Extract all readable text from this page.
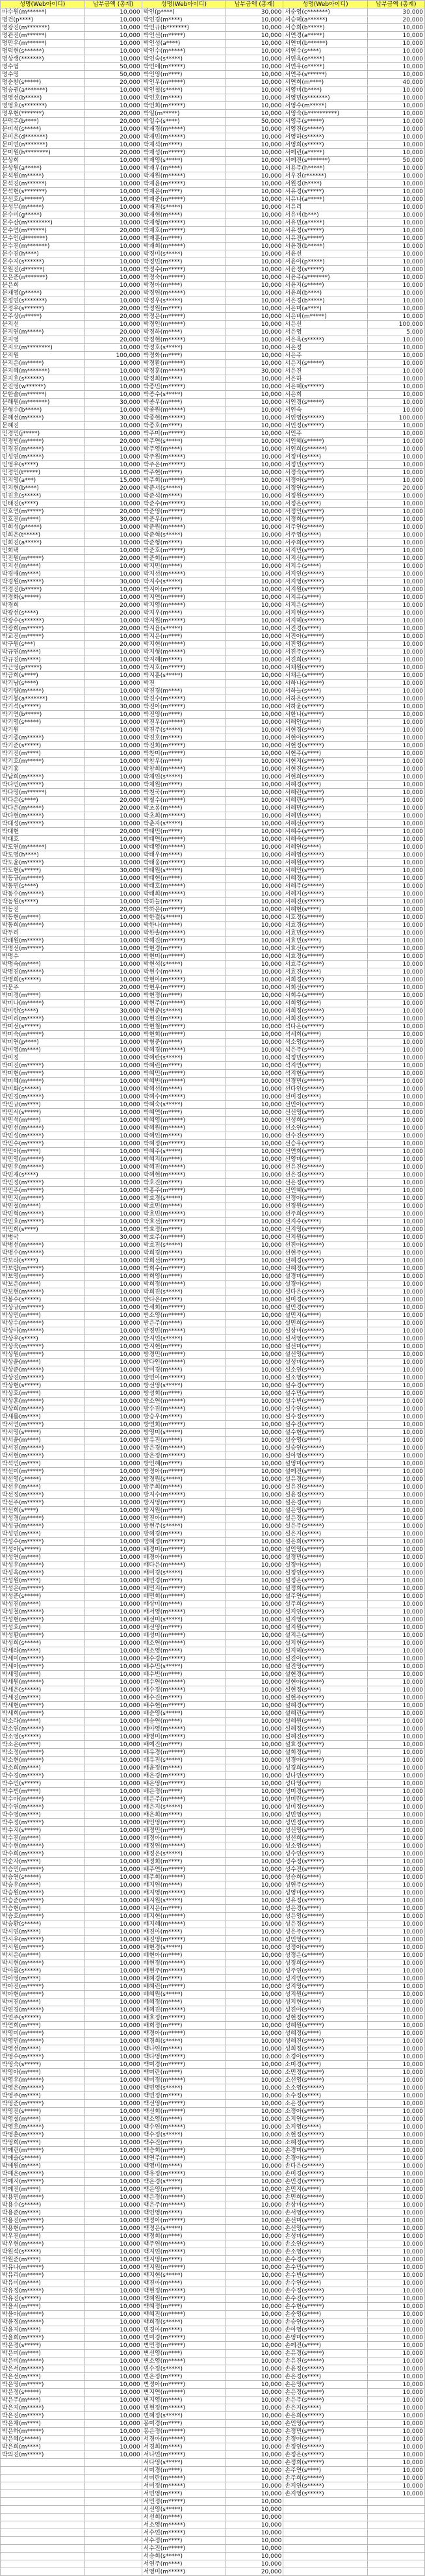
성명(Web아이디)	납부금액 (총계)	성명(Web아이디)	납부금액 (총계)	성명(Web아이디)	납부금액 (총계)
마수원(m******)	10,000	박인(p****)	30,000	서순영(c*******)	30,000
명건(p****)	10,000	박인경(m****)	10,000	서승혜(a******)	20,000
명광진(m*******)	10,000	박인규(b*******)	10,000	서승희(b*****)	10,000
명관진(m******)	10,000	박인선(m*****)	10,000	서연경(a*****)	10,000
명만우(m******)	10,000	박인성(a****)	10,000	서연미(b******)	10,000
명덕현(s******)	10,000	박인수(m*****)	10,000	서연수(s****)	10,000
명상생(*******)	10,000	박인숙(s*****)	10,000	서연옥(o*****)	10,000
명수엽	50,000	박인애(m*****)	10,000	서연우(o*****)	10,000
명수영	50,000	박인영(m****)	10,000	서연주(s******)	10,000
명순찬(s*****)	20,000	박인우(m*****)	10,000	서연희(m****)	40,000
명승권(a*******)	10,000	박인철(s*****)	10,000	서영미(b****)	10,000
명영선(b*****)	10,000	박인호(m****)	10,000	서영민(s*******)	10,000
명영호(s*******)	10,000	박인희(m*****)	10,000	서영수(m*****)	10,000
명우현(*******)	20,000	박일(m*****)	10,000	서영숙(b**********)	10,000
문덕주(b****)	20,000	박일수(s****)	50,000	서영주(s*****)	10,000
문미석(s*****)	10,000	박재경(m*****)	10,000	서영진(s*****)	10,000
문미은(d*******)	20,000	박재민(m*****)	10,000	서영하(s*****)	10,000
문미연(n*******)	10,000	박재석(m****)	10,000	서영희(s*****)	10,000
문미원(h********)	20,000	박재성(m*****)	10,000	서예린(a*****)	10,000
문상희	10,000	박재영(s*****)	10,000	서예진(s*******)	50,000
문상원(a*****)	10,000	박재우(m****)	10,000	서용주(h*****)	10,000
문석원(m*****)	10,000	박재원(m*****)	10,000	서우진(r******)	10,000
문석진(m******)	10,000	박재윤(m*****)	10,000	서원경(h****)	10,000
문석현(s*******)	10,000	박재은(m****)	10,000	서유경(s*****)	10,000
문선호(s******)	10,000	박재준(m*****)	10,000	서유나(a*****)	10,000
문성무(m*****)	10,000	박재진(s*****)	10,000	서유리	10,000
문수미(g*****)	30,000	박재현(m****)	10,000	서유미(b***)	10,000
문수산(m********)	10,000	박재형(m*****)	10,000	서유빈(a*****)	10,000
문수연(m******)	20,000	박재호(m*****)	10,000	서유정(s*****)	10,000
문수인(d*******)	10,000	박재훈(m****)	10,000	서유진(s*****)	10,000
문수진(m*******)	10,000	박재희(m*****)	10,000	서윤경(b*****)	10,000
문수진(h****)	10,000	박정미(s*****)	10,000	서윤선	10,000
문수지(s******)	10,000	박정민(m****)	10,000	서윤아(p*****)	10,000
문원진(d******)	10,000	박정수(m*****)	10,000	서윤정(s*****)	10,000
문은준(n*******)	10,000	박정숙(m*****)	10,000	서윤주(s*******)	10,000
문은희	10,000	박정아(m****)	10,000	서윤지(s*****)	10,000
문재영(p*****)	20,000	박정연(m*****)	10,000	서윤희(b****)	10,000
문정연(s*******)	10,000	박정우(s*****)	10,000	서은경(b*****)	10,000
문정우(s******)	20,000	박정원(m****)	10,000	서은미(a****)	10,000
문주상(n*****)	20,000	박정은(m*****)	10,000	서은비(m*****)	10,000
문지선	10,000	박정인(m*****)	10,000	서은선	100,000
문지연(m*****)	20,000	박정하(m****)	10,000	서은영	5,000
문지영	20,000	박정현(m*****)	10,000	서은옥(s*****)	10,000
문지오(m********)	10,000	박정호(s*****)	10,000	서은정	10,000
문지원	100,000	박정화(m****)	10,000	서은주	10,000
문지은(m*****)	10,000	박정환(m*****)	10,000	서은지(s*****)	10,000
문지혜(m*******)	10,000	박정훈(m*****)	30,000	서은진	10,000
문지호(s******)	10,000	박정희(m****)	10,000	서은하	10,000
문진영(w******)	10,000	박종민(m*****)	10,000	서은혜(s*****)	10,000
문한솔(m******)	10,000	박종수(s*****)	10,000	서은희	10,000
문해원(m*******)	30,000	박종우(m****)	10,000	서인경(s*****)	10,000
문형수(b*****)	10,000	박종원(m*****)	10,000	서인숙	10,000
문혜선(m*****)	30,000	박종현(m*****)	10,000	서인영(s*****)	100,000
문혜진	10,000	박종호(m****)	10,000	서인정(s*****)	10,000
민경민(j*****)	10,000	박주미(m*****)	10,000	서인주	10,000
민경빈(m*****)	20,000	박주연(s*****)	10,000	서인혜(s*****)	10,000
민경진(m*****)	10,000	박주영(m****)	10,000	서인희(s******)	10,000
민성연(m*****)	10,000	박주원(m*****)	10,000	서정미(s****)	10,000
민영우(s****)	10,000	박주은(m*****)	10,000	서정민(s*****)	10,000
민정인(t*****)	10,000	박주현(m****)	10,000	서정숙(s*****)	10,000
민지영(a***)	15,000	박주희(m*****)	10,000	서정아(s*****)	10,000
민지현(b****)	20,000	박준서(s*****)	10,000	서정연(s*****)	20,000
민진호(s*****)	10,000	박준석(m****)	10,000	서정원(s*****)	10,000
민태진(s****)	10,000	박준수(m*****)	10,000	서정은(s****)	10,000
민호연(m*****)	20,000	박준영(m*****)	10,000	서정인(s*****)	10,000
민호진(m****)	30,000	박준우(m****)	10,000	서정희(s*****)	10,000
민희성(p*****)	10,000	박준원(m*****)	10,000	서주연(s*****)	10,000
민희은(t*****)	10,000	박준혁(s*****)	10,000	서주영(s****)	10,000
민희진(a*****)	10,000	박준형(m****)	10,000	서주희(s*****)	10,000
민희택	10,000	박준호(m*****)	10,000	서지민(s*****)	10,000
민진원(m*****)	20,000	박준희(m*****)	10,000	서지선(s*****)	10,000
민지선(m****)	10,000	박지민(m****)	10,000	서지수(s****)	10,000
박경애(m****)	10,000	박지선(m*****)	10,000	서지연(s*****)	10,000
박경원(m*****)	30,000	박지수(s*****)	10,000	서지영(s*****)	10,000
박경진(b*****)	10,000	박지아(m****)	10,000	서지원(s*****)	10,000
박경화(s*****)	10,000	박지연(m*****)	10,000	서지유(s****)	10,000
박경희	20,000	박지영(m*****)	10,000	서지은(s*****)	10,000
박광선(s****)	20,000	박지우(m****)	10,000	서지현(s*****)	10,000
박광수(s******)	10,000	박지원(m*****)	10,000	서지혜(s*****)	10,000
박광희(m*****)	20,000	박지윤(s*****)	10,000	서진경(s****)	10,000
박교진(m*****)	10,000	박지은(m****)	10,000	서진아(s*****)	10,000
박구원(s***)	20,000	박지현(m*****)	10,000	서진영(s*****)	10,000
박규연(m****)	10,000	박지형(m*****)	10,000	서진주(s*****)	10,000
박규진(m****)	10,000	박지혜(m****)	10,000	서진희(s****)	10,000
박근영(p*****)	10,000	박지호(m*****)	10,000	서채원(s*****)	10,000
박금희(s****)	10,000	박지훈(s*****)	10,000	서채은(s*****)	10,000
박기남(s****)	10,000	박진	10,000	서하나(s*****)	10,000
박기량(m*****)	10,000	박진경(m****)	10,000	서하늘(s****)	10,000
박기봉(a*******)	10,000	박진수(m*****)	10,000	서하은(s*****)	10,000
박기석(s*****)	30,000	박진아(m*****)	10,000	서하윤(s*****)	10,000
박기연(b*****)	10,000	박진영(m****)	10,000	서한나(s*****)	10,000
박기영(s*****)	10,000	박진우(m*****)	10,000	서해인(s****)	10,000
박기원	10,000	박진주(s*****)	10,000	서현경(s*****)	10,000
박기종(m*****)	10,000	박진호(m****)	10,000	서현아(s*****)	10,000
박기준(s*****)	10,000	박진희(m*****)	10,000	서현정(s*****)	10,000
박기진(m****)	10,000	박찬미(m*****)	10,000	서현주(s****)	10,000
박기호(m*****)	10,000	박찬우(m****)	10,000	서현지(s*****)	10,000
박기홍	10,000	박찬희(m*****)	10,000	서현진(s*****)	10,000
박남희(m*****)	10,000	박채연(s*****)	10,000	서현희(s*****)	10,000
박다민(m*****)	10,000	박채원(m****)	10,000	서혜경(s****)	10,000
박다영(m******)	10,000	박천국(m*****)	10,000	서혜란(s*****)	10,000
박다은(s****)	20,000	박철수(m*****)	10,000	서혜린(s*****)	10,000
박다은(m*****)	20,000	박초롱(m****)	10,000	서혜민(s*****)	10,000
박다현(m*****)	10,000	박초희(m*****)	10,000	서혜빈(s****)	10,000
박대성(m*****)	10,000	박춘자(s*****)	10,000	서혜선(s*****)	10,000
박대현	20,000	박태민(m****)	10,000	서혜수(s*****)	10,000
박대호	10,000	박태연(m*****)	10,000	서혜숙(s*****)	10,000
박도연(m******)	10,000	박태영(m*****)	10,000	서혜연(s****)	10,000
박도영(h****)	10,000	박태우(m****)	10,000	서혜영(s*****)	10,000
박도윤(m*****)	10,000	박태웅(m*****)	10,000	서혜원(s*****)	10,000
박도현(s*****)	30,000	박태원(s*****)	10,000	서혜인(s*****)	10,000
박동규(m*****)	10,000	박태현(m****)	10,000	서혜정(s****)	10,000
박동민(s****)	10,000	박태호(m*****)	10,000	서혜주(s*****)	10,000
박동수(m*****)	10,000	박태희(m*****)	10,000	서혜지(s*****)	10,000
박동원(s****)	10,000	박하늘(m****)	10,000	서혜진(s*****)	10,000
박동진	20,000	박하은(m*****)	10,000	서혜현(s****)	10,000
박동현(m****)	10,000	박한결(s*****)	10,000	서호정(s*****)	10,000
박동희(m*****)	10,000	박한나(m****)	10,000	서효경(s*****)	10,000
박두리	10,000	박한솔(m*****)	10,000	서효민(s*****)	10,000
박래원(m*****)	10,000	박해진(m*****)	10,000	서효빈(s****)	10,000
박명선(m*****)	10,000	박현경(m****)	10,000	서효선(s*****)	10,000
박명수	10,000	박현미(m*****)	10,000	서효정(s*****)	10,000
박명숙(m****)	10,000	박현석(s*****)	10,000	서효주(s*****)	10,000
박명진(m*****)	10,000	박현수(m****)	10,000	서효진(s****)	10,000
박명희(s*****)	10,000	박현아(m*****)	10,000	서희경(s*****)	10,000
박문주	20,000	박현우(m*****)	10,000	서희선(s*****)	10,000
박미경(m****)	10,000	박현정(m****)	10,000	서희수(s*****)	10,000
박미나(m*****)	10,000	박현주(m*****)	10,000	서희영(s****)	10,000
박미란(s****)	30,000	박현준(s*****)	10,000	서희정(s*****)	10,000
박미리(m*****)	10,000	박현진(m****)	10,000	서희진(s*****)	10,000
박미선(s*****)	10,000	박현철(m*****)	10,000	석다은(s*****)	10,000
박미숙(m*****)	10,000	박현희(m*****)	10,000	석세희(s****)	10,000
박미연(p****)	10,000	박형준(m****)	10,000	석소영(s*****)	10,000
박미영(m****)	10,000	박혜경(m*****)	10,000	석은주(s*****)	10,000
박미정	10,000	박혜란(s*****)	10,000	석정민(s*****)	10,000
박미진(m*****)	10,000	박혜린(m****)	10,000	석지연(s****)	10,000
박미현(m*****)	10,000	박혜민(m*****)	10,000	석지현(s*****)	10,000
박미혜(m*****)	10,000	박혜빈(m*****)	10,000	선경민(s*****)	10,000
박미화(s*****)	10,000	박혜선(m****)	10,000	선다인(s*****)	10,000
박민경(m*****)	10,000	박혜수(m*****)	10,000	선미경(s****)	10,000
박민규(m****)	10,000	박혜숙(s*****)	10,000	선민아(s*****)	10,000
박민서(s*****)	10,000	박혜연(m****)	10,000	선선영(s*****)	10,000
박민석(m****)	10,000	박혜영(m*****)	10,000	선성희(s*****)	10,000
박민선(m*****)	10,000	박혜원(m*****)	10,000	선소연(s****)	10,000
박민성(m*****)	10,000	박혜인(m****)	10,000	선수진(s*****)	10,000
박민수(m*****)	10,000	박혜정(m*****)	10,000	선승우(s*****)	10,000
박민아(m****)	10,000	박혜주(s*****)	10,000	선연희(s*****)	10,000
박민영(m*****)	10,000	박혜지(m****)	10,000	선영미(s****)	10,000
박민우(m*****)	10,000	박혜진(m*****)	10,000	선유진(s*****)	10,000
박민재(s****)	10,000	박혜현(m*****)	10,000	선은경(s*****)	10,000
박민정(m*****)	10,000	박호진(m****)	10,000	선은정(s*****)	10,000
박민주(m*****)	10,000	박홍주(m*****)	10,000	선인혜(s****)	10,000
박민지(m*****)	10,000	박효경(s*****)	10,000	선정아(s*****)	10,000
박민철(m****)	10,000	박효민(m****)	10,000	선정원(s*****)	10,000
박민혁(m*****)	10,000	박효빈(m*****)	10,000	선주희(s*****)	10,000
박민호(m*****)	10,000	박효선(m*****)	10,000	선지수(s****)	10,000
박민희(s****)	10,000	박효정(m****)	10,000	선지영(s*****)	10,000
박병국	30,000	박효주(m*****)	10,000	선지원(s*****)	10,000
박병선(m*****)	10,000	박효진(s*****)	10,000	선진아(s*****)	10,000
박병수(m*****)	10,000	박희경(m****)	10,000	선현주(s****)	10,000
박보라(s****)	10,000	박희선(m*****)	10,000	선혜경(s*****)	10,000
박보람(m*****)	10,000	박희수(m*****)	10,000	선혜정(s*****)	10,000
박보영(m*****)	10,000	박희영(m****)	10,000	설경미(s*****)	10,000
박보은(m****)	10,000	박희정(m*****)	10,000	설경아(s****)	10,000
박보현(m*****)	10,000	박희진(s*****)	10,000	설다은(s*****)	10,000
박봉수(s*****)	10,000	반다은(m****)	10,000	설미경(s*****)	10,000
박상규(m*****)	10,000	반세희(m*****)	10,000	설민경(s*****)	10,000
박상민(m****)	10,000	반소영(m*****)	10,000	설민지(s****)	10,000
박상수(m*****)	10,000	반은주(m****)	10,000	설민희(s*****)	10,000
박상아(m*****)	10,000	반정민(m*****)	10,000	설상미(s*****)	10,000
박상우(s****)	20,000	반지연(s*****)	10,000	설서영(s*****)	10,000
박상욱(m*****)	10,000	반지현(m****)	10,000	설선미(s****)	10,000
박상원(m*****)	10,000	방경민(m*****)	10,000	설선영(s*****)	10,000
박상윤(m****)	10,000	방다인(m*****)	10,000	설성미(s*****)	10,000
박상준(m*****)	10,000	방미경(m****)	10,000	설소연(s*****)	10,000
박상진(m*****)	10,000	방민아(m*****)	10,000	설소영(s****)	10,000
박상현(s*****)	10,000	방선영(s*****)	10,000	설수경(s*****)	10,000
박상호(m****)	10,000	방성희(m****)	10,000	설수민(s*****)	10,000
박상훈(m*****)	10,000	방소연(m*****)	10,000	설수빈(s*****)	10,000
박상희(m*****)	10,000	방수진(m*****)	10,000	설수연(s****)	10,000
박새롬(m****)	10,000	방승우(m****)	10,000	설수정(s*****)	10,000
박서연(m*****)	10,000	방연희(m*****)	10,000	설수진(s*****)	10,000
박서영(s*****)	20,000	방영미(s*****)	10,000	설수현(s*****)	10,000
박서윤(m****)	10,000	방유진(m****)	10,000	설순영(s****)	10,000
박서진(m*****)	10,000	방은경(m*****)	10,000	설승연(s*****)	10,000
박서현(m*****)	10,000	방은정(m*****)	10,000	설아영(s*****)	10,000
박석민(m****)	10,000	방인혜(m****)	10,000	설영미(s*****)	10,000
박선미(m*****)	10,000	방정아(m*****)	10,000	설예진(s****)	10,000
박선영(s*****)	20,000	방정원(s*****)	10,000	설유경(s*****)	10,000
박선우(m****)	10,000	방주희(m****)	10,000	설유진(s*****)	10,000
박선정(m*****)	10,000	방지수(m*****)	10,000	설윤정(s*****)	10,000
박선주(m*****)	10,000	방지영(m*****)	10,000	설은경(s****)	10,000
박선희(s****)	10,000	방지원(m****)	10,000	설은영(s*****)	10,000
박성경(m*****)	10,000	방진아(m*****)	10,000	설은정(s*****)	10,000
박성규(m*****)	10,000	방현주(s*****)	10,000	설은주(s*****)	10,000
박성민(m****)	10,000	방혜경(m****)	10,000	설은지(s****)	10,000
박성수(m*****)	10,000	방혜정(m*****)	10,000	설은희(s*****)	10,000
박성아(s*****)	10,000	배경미(m*****)	10,000	설인영(s*****)	10,000
박성연(m****)	10,000	배경아(m****)	10,000	설정민(s*****)	10,000
박성우(m*****)	10,000	배다은(m*****)	10,000	설정아(s****)	10,000
박성욱(m*****)	10,000	배미경(s*****)	10,000	설정연(s*****)	10,000
박성원(m****)	10,000	배민경(m****)	10,000	설정은(s*****)	10,000
박성은(m*****)	10,000	배민지(m*****)	10,000	설정희(s*****)	10,000
박성준(s*****)	10,000	배민희(m*****)	10,000	설주연(s****)	10,000
박성진(m****)	10,000	배상미(m****)	10,000	설주희(s*****)	10,000
박성철(m*****)	10,000	배서영(m*****)	10,000	설지연(s*****)	10,000
박성현(m*****)	10,000	배선미(s*****)	10,000	설지영(s*****)	10,000
박성호(m****)	10,000	배선영(m****)	10,000	설지원(s****)	10,000
박성환(m*****)	10,000	배성미(m*****)	10,000	설지은(s*****)	10,000
박성희(s*****)	10,000	배소연(m*****)	10,000	설지현(s*****)	10,000
박세라(m****)	10,000	배소영(m****)	10,000	설지혜(s*****)	10,000
박세미(m*****)	10,000	배수경(m*****)	10,000	설진아(s****)	10,000
박세아(m*****)	10,000	배수민(s*****)	10,000	설진영(s*****)	10,000
박세영(m****)	10,000	배수빈(m****)	10,000	설현경(s*****)	10,000
박세원(m*****)	10,000	배수연(m*****)	10,000	설현아(s*****)	10,000
박세은(s*****)	10,000	배수정(m*****)	10,000	설현정(s****)	10,000
박세진(m****)	10,000	배수진(m****)	10,000	설현주(s*****)	10,000
박세현(m*****)	10,000	배수현(m*****)	10,000	설혜경(s*****)	10,000
박세희(m*****)	10,000	배순영(s*****)	10,000	설혜린(s*****)	10,000
박소라(m****)	10,000	배승연(m****)	10,000	설혜원(s****)	10,000
박소연(m*****)	10,000	배아영(m*****)	10,000	설혜정(s*****)	10,000
박소영(s*****)	10,000	배영미(m*****)	10,000	설혜진(s*****)	10,000
박소은(m****)	10,000	배예진(m****)	10,000	설효정(s*****)	10,000
박소정(m*****)	10,000	배유경(m*****)	10,000	설희정(s****)	10,000
박소현(m*****)	10,000	배유진(s*****)	10,000	성경아(s*****)	10,000
박소희(m****)	10,000	배윤정(m****)	10,000	성경희(s*****)	10,000
박수경(m*****)	10,000	배은경(m*****)	10,000	성나연(s*****)	10,000
박수민(s*****)	10,000	배은영(m*****)	10,000	성다영(s****)	10,000
박수빈(m****)	10,000	배은정(m****)	10,000	성미경(s*****)	10,000
박수아(m*****)	10,000	배은주(m*****)	10,000	성미란(s*****)	10,000
박수연(m*****)	10,000	배은지(s*****)	10,000	성미정(s*****)	10,000
박수영(m****)	10,000	배은희(m****)	10,000	성민영(s****)	10,000
박수정(m*****)	10,000	배인영(m*****)	10,000	성민정(s*****)	10,000
박수지(s*****)	10,000	배정민(m*****)	10,000	성선영(s*****)	10,000
박수진(m****)	10,000	배정아(m****)	10,000	성선희(s*****)	10,000
박수현(m*****)	10,000	배정연(m*****)	10,000	성소영(s****)	10,000
박수희(m*****)	10,000	배정은(s*****)	10,000	성수연(s*****)	10,000
박순자(m****)	10,000	배정희(m****)	10,000	성수정(s*****)	10,000
박승민(m*****)	10,000	배주연(m*****)	10,000	성수진(s*****)	10,000
박승연(s*****)	10,000	배주희(m*****)	10,000	성승희(s****)	10,000
박승우(m****)	10,000	배지연(m****)	10,000	성연주(s*****)	10,000
박승원(m*****)	10,000	배지영(m*****)	10,000	성영미(s*****)	10,000
박승준(m*****)	10,000	배지원(s*****)	10,000	성유정(s*****)	10,000
박승현(m****)	10,000	배지은(m****)	10,000	성은경(s****)	10,000
박승호(m*****)	10,000	배지현(m*****)	10,000	성은영(s*****)	10,000
박승환(s*****)	10,000	배지혜(m*****)	10,000	성은정(s*****)	10,000
박시연(m****)	10,000	배진아(m****)	10,000	성은주(s*****)	10,000
박시우(m*****)	10,000	배진영(m*****)	10,000	성인영(s****)	10,000
박시원(m*****)	10,000	배현경(s*****)	10,000	성정아(s*****)	10,000
박시은(m****)	10,000	배현아(m****)	10,000	성정은(s*****)	10,000
박시현(m*****)	10,000	배현정(m*****)	10,000	성정희(s*****)	10,000
박아름(s*****)	10,000	배현주(m*****)	10,000	성주연(s****)	10,000
박아영(m****)	10,000	배혜경(m****)	10,000	성지연(s*****)	10,000
박아진(m*****)	10,000	배혜린(m*****)	10,000	성지영(s*****)	10,000
박아현(m*****)	10,000	배혜원(s*****)	10,000	성지원(s*****)	10,000
박여진(m****)	10,000	배혜정(m****)	10,000	성지현(s****)	10,000
박연경(m*****)	10,000	배혜진(m*****)	10,000	성진아(s*****)	10,000
박연주(s*****)	10,000	배효정(m*****)	10,000	성현정(s*****)	10,000
박연희(m****)	10,000	배희정(m****)	10,000	성혜원(s*****)	10,000
박영미(m*****)	10,000	백경아(m*****)	10,000	성혜정(s****)	10,000
박영민(m*****)	10,000	백경희(s*****)	10,000	성혜진(s*****)	10,000
박영선(m****)	10,000	백나연(m****)	10,000	성희정(s*****)	10,000
박영수(m*****)	10,000	백다영(m*****)	10,000	소경아(s*****)	10,000
박영숙(s*****)	10,000	백미경(m*****)	10,000	소미경(s****)	10,000
박영아(m****)	10,000	백미란(m****)	10,000	소민정(s*****)	10,000
박영우(m*****)	10,000	백미정(m*****)	10,000	소선영(s*****)	10,000
박영은(m*****)	10,000	백민영(s*****)	10,000	소소영(s*****)	10,000
박영주(m****)	10,000	백민정(m****)	10,000	소수정(s****)	10,000
박영준(m*****)	10,000	백선영(m*****)	10,000	소은정(s*****)	10,000
박영진(s*****)	10,000	백선희(m*****)	10,000	소정아(s*****)	10,000
박영철(m****)	10,000	백소영(m****)	10,000	소지연(s*****)	10,000
박영호(m*****)	10,000	백수연(m*****)	10,000	소지영(s****)	10,000
박영훈(m*****)	10,000	백수정(s*****)	10,000	소현정(s*****)	10,000
박영희(m****)	10,000	백수진(m****)	10,000	소혜정(s*****)	10,000
박예린(m*****)	10,000	백승희(m*****)	10,000	손경미(s*****)	10,000
박예슬(s*****)	10,000	백연주(m*****)	10,000	손경아(s****)	10,000
박예원(m****)	10,000	백영미(m****)	10,000	손다은(s*****)	10,000
박예은(m*****)	10,000	백유정(m*****)	10,000	손미경(s*****)	10,000
박예지(m*****)	10,000	백은경(s*****)	10,000	손민경(s*****)	10,000
박예진(m****)	10,000	백은영(m****)	10,000	손민지(s****)	10,000
박용민(m*****)	10,000	백은정(m*****)	10,000	손민희(s*****)	10,000
박용수(s*****)	10,000	백은주(m*****)	10,000	손상미(s*****)	10,000
박용준(m****)	10,000	백인영(m****)	10,000	손서영(s*****)	10,000
박용진(m*****)	10,000	백정아(m*****)	10,000	손선미(s****)	10,000
박용현(m*****)	10,000	백정은(s*****)	10,000	손선영(s*****)	10,000
박우진(m****)	10,000	백정희(m****)	10,000	손성미(s*****)	10,000
박우현(m*****)	10,000	백주연(m*****)	10,000	손소연(s*****)	10,000
박원석(s*****)	10,000	백지연(m*****)	10,000	손소영(s****)	10,000
박원준(m****)	10,000	백지영(m****)	10,000	손수경(s*****)	10,000
박유나(m*****)	10,000	백지원(m*****)	10,000	손수민(s*****)	10,000
박유리(m*****)	10,000	백지현(s*****)	10,000	손수빈(s*****)	10,000
박유미(m****)	10,000	백진아(m****)	10,000	손수연(s****)	10,000
박유정(m*****)	10,000	백현정(m*****)	10,000	손수정(s*****)	10,000
박유진(s*****)	10,000	백혜원(m*****)	10,000	손수진(s*****)	10,000
박윤서(m****)	10,000	백혜정(m****)	10,000	손수현(s*****)	10,000
박윤아(m*****)	10,000	백혜진(m*****)	10,000	손순영(s****)	10,000
박윤정(m*****)	10,000	백희정(s*****)	10,000	손승연(s*****)	10,000
박윤지(m****)	10,000	변경아(m****)	10,000	손아영(s*****)	10,000
박윤희(m*****)	10,000	변미경(m*****)	10,000	손영미(s*****)	10,000
박은경(s*****)	10,000	변민정(m*****)	10,000	손예진(s****)	10,000
박은미(m****)	10,000	변선영(m****)	10,000	손유경(s*****)	10,000
박은비(m*****)	10,000	변소영(m*****)	10,000	손유진(s*****)	10,000
박은서(m*****)	10,000	변수정(s*****)	10,000	손윤정(s*****)	10,000
박은선(m****)	10,000	변은정(m****)	10,000	손은경(s****)	10,000
박은영(m*****)	10,000	변정아(m*****)	10,000	손은영(s*****)	10,000
박은정(s*****)	10,000	변지연(m*****)	10,000	손은정(s*****)	10,000
박은주(m****)	10,000	변지영(m****)	10,000	손은주(s*****)	10,000
박은지(m*****)	10,000	변현정(m*****)	10,000	손은지(s****)	10,000
박은진(m*****)	10,000	변혜정(s*****)	10,000	손은희(s*****)	10,000
박은채(m****)	10,000	봉미경(m****)	10,000	손인영(s*****)	10,000
박은하(m*****)	10,000	봉은정(m*****)	10,000	손정민(s*****)	10,000
박은혜(s*****)	10,000	서경아(m*****)	10,000	손정아(s****)	10,000
박은희(m****)	10,000	서경희(m****)	10,000	손정연(s*****)	10,000
박의진(m*****)	10,000	서나연(m*****)	10,000	손정은(s*****)	10,000
		서다영(s*****)	10,000	손정희(s*****)	10,000
		서미경(m****)	10,000	손주연(s****)	10,000
		서미란(m*****)	10,000	손주희(s*****)	10,000
		서미정(m*****)	10,000	손지연(s*****)	10,000
		서민영(m****)	10,000	손지영(s*****)	10,000
		서민정(m*****)	10,000		
		서선영(s*****)	10,000		
		서선희(m****)	10,000		
		서소영(m*****)	10,000		
		서수연(m*****)	10,000		
		서수정(m****)	10,000		
		서수진(m*****)	10,000		
		서승희(s*****)	10,000		
		서연주(m****)	10,000		
		서영미(m*****)	20,000		
